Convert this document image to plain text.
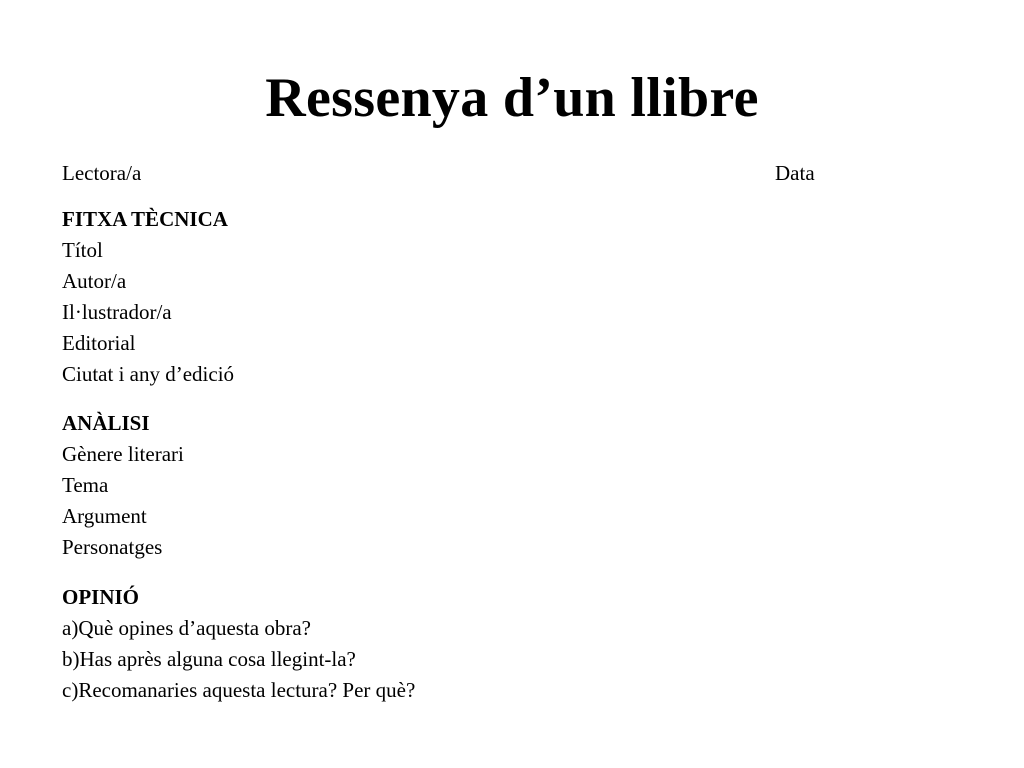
Ressenya d’un llibre
Lectora/a	Data
FITXA TÈCNICA
Títol
Autor/a
Il·lustrador/a
Editorial
Ciutat i any d’edició
ANÀLISI
Gènere literari
Tema
Argument
Personatges
OPINIÓ
a)Què opines d’aquesta obra?
b)Has après alguna cosa llegint-la?
c)Recomanaries aquesta lectura? Per què?
